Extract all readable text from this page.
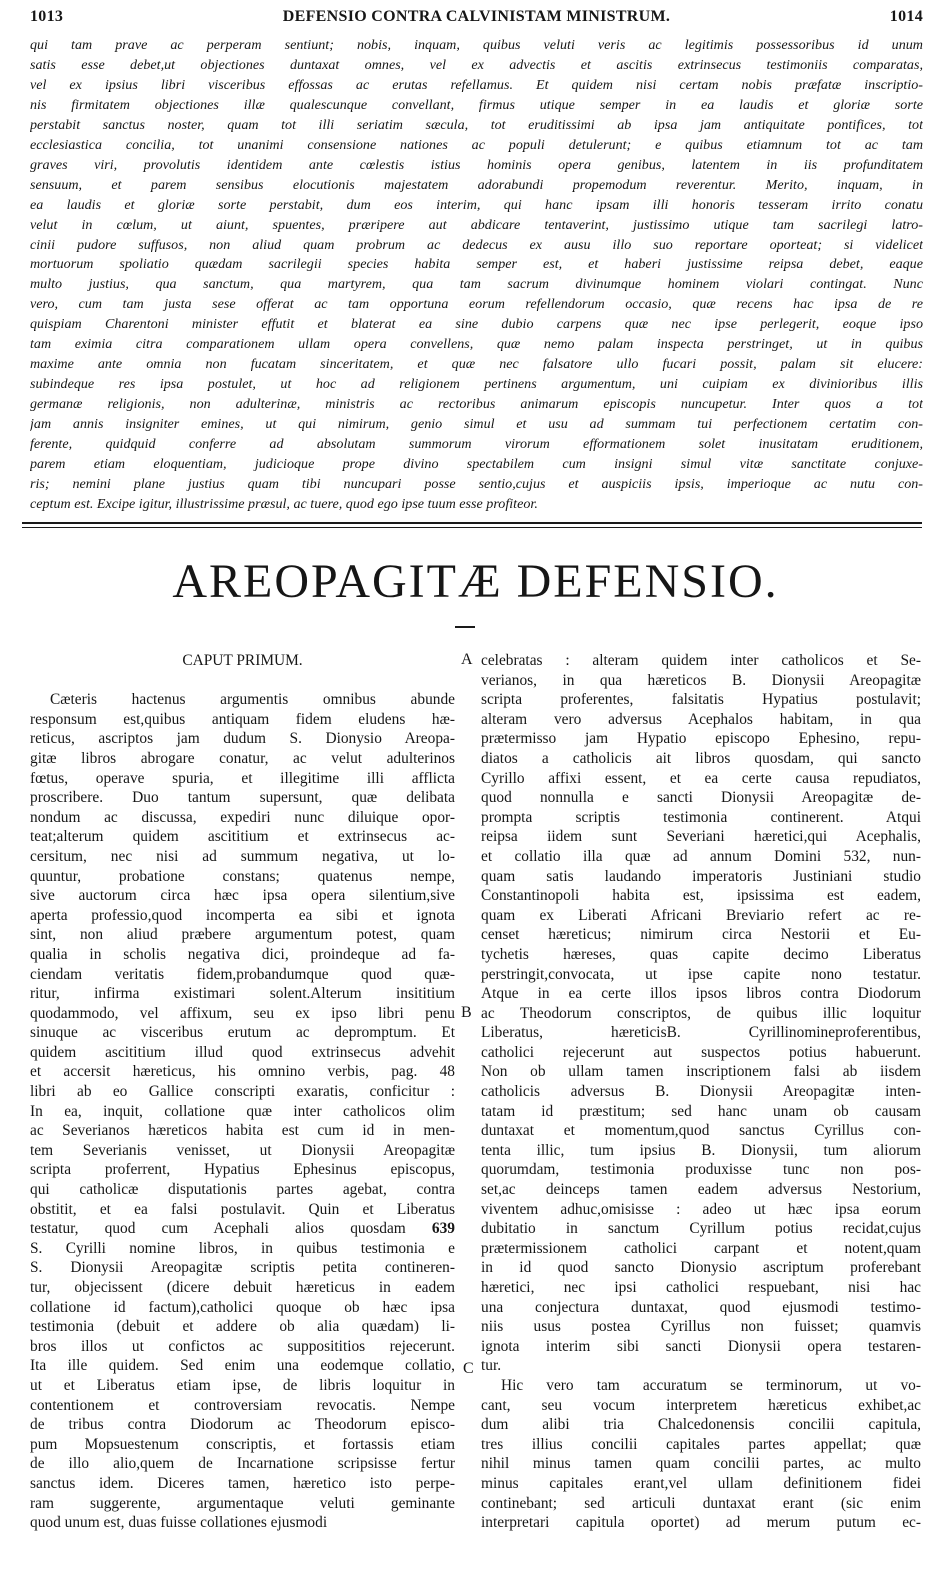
1013	DEFENSIO CONTRA CALVINISTAM MINISTRUM.	1014
qui tam prave ac perperam sentiunt; nobis, inquam, quibus veluti veris ac legitimis possessoribus id unum
satis esse debet,ut objectiones duntaxat omnes, vel ex advectis et ascitis extrinsecus testimoniis comparatas,
vel ex ipsius libri visceribus effossas ac erutas refellamus. Et quidem nisi certam nobis præfatæ inscriptio-
nis firmitatem objectiones illæ qualescunque convellant, firmus utique semper in ea laudis et gloriæ sorte
perstabit sanctus noster, quam tot illi seriatim sæcula, tot eruditissimi ab ipsa jam antiquitate pontifices, tot
ecclesiastica concilia, tot unanimi consensione nationes ac populi detulerunt; e quibus etiamnum tot ac tam
graves viri, provolutis identidem ante cœlestis istius hominis opera genibus, latentem in iis profunditatem
sensuum, et parem sensibus elocutionis majestatem adorabundi propemodum reverentur. Merito, inquam, in
ea laudis et gloriæ sorte perstabit, dum eos interim, qui hanc ipsam illi honoris tesseram irrito conatu
velut in cœlum, ut aiunt, spuentes, præripere aut abdicare tentaverint, justissimo utique tam sacrilegi latro-
cinii pudore suffusos, non aliud quam probrum ac dedecus ex ausu illo suo reportare oporteat; si videlicet
mortuorum spoliatio quædam sacrilegii species habita semper est, et haberi justissime reipsa debet, eaque
multo justius, qua sanctum, qua martyrem, qua tam sacrum divinumque hominem violari contingat. Nunc
vero, cum tam justa sese offerat ac tam opportuna eorum refellendorum occasio, quæ recens hac ipsa de re
quispiam Charentoni minister effutit et blaterat ea sine dubio carpens quæ nec ipse perlegerit, eoque ipso
tam eximia citra comparationem ullam opera convellens, quæ nemo palam inspecta perstringet, ut in quibus
maxime ante omnia non fucatam sinceritatem, et quæ nec falsatore ullo fucari possit, palam sit elucere:
subindeque res ipsa postulet, ut hoc ad religionem pertinens argumentum, uni cuipiam ex divinioribus illis
germanæ religionis, non adulterinæ, ministris ac rectoribus animarum episcopis nuncupetur. Inter quos a tot
jam annis insigniter emines, ut qui nimirum, genio simul et usu ad summam tui perfectionem certatim con-
ferente, quidquid conferre ad absolutam summorum virorum efformationem solet inusitatam eruditionem,
parem etiam eloquentiam, judicioque prope divino spectabilem cum insigni simul vitæ sanctitate conjuxe-
ris; nemini plane justius quam tibi nuncupari posse sentio,cujus et auspiciis ipsis, imperioque ac nutu con-
ceptum est. Excipe igitur, illustrissime præsul, ac tuere, quod ego ipse tuum esse profiteor.
AREOPAGITÆ DEFENSIO.
CAPUT PRIMUM.

Cæteris hactenus argumentis omnibus abunde
responsum est,quibus antiquam fidem eludens hæ-
reticus, ascriptos jam dudum S. Dionysio Areopa-
gitæ libros abrogare conatur, ac velut adulterinos
fœtus, operave spuria, et illegitime illi afflicta
proscribere. Duo tantum supersunt, quæ delibata
nondum ac discussa, expediri nunc diluique opor-
teat;alterum quidem ascititium et extrinsecus ac-
cersitum, nec nisi ad summum negativa, ut lo-
quuntur, probatione constans; quatenus nempe,
sive auctorum circa hæc ipsa opera silentium,sive
aperta professio,quod incomperta ea sibi et ignota
sint, non aliud præbere argumentum potest, quam
qualia in scholis negativa dici, proindeque ad fa-
ciendam veritatis fidem,probandumque quod quæ-
ritur, infirma existimari solent.Alterum insititium
quodammodo, vel affixum, seu ex ipso libri penu
sinuque ac visceribus erutum ac depromptum. Et
quidem ascititium illud quod extrinsecus advehit
et accersit hæreticus, his omnino verbis, pag. 48
libri ab eo Gallice conscripti exaratis, conficitur :
In ea, inquit, collatione quæ inter catholicos olim
ac Severianos hæreticos habita est cum id in men-
tem Severianis venisset, ut Dionysii Areopagitæ
scripta proferrent, Hypatius Ephesinus episcopus,
qui catholicæ disputationis partes agebat, contra
obstitit, et ea falsi postulavit. Quin et Liberatus
testatur, quod cum Acephali alios quosdam 639
S. Cyrilli nomine libros, in quibus testimonia e
S. Dionysii Areopagitæ scriptis petita contineren-
tur, objecissent (dicere debuit hæreticus in eadem
collatione id factum),catholici quoque ob hæc ipsa
testimonia (debuit et addere ob alia quædam) li-
bros illos ut confictos ac supposititios rejecerunt.
Ita ille quidem. Sed enim una eodemque collatio,
ut et Liberatus etiam ipse, de libris loquitur in
contentionem et controversiam revocatis. Nempe
de tribus contra Diodorum ac Theodorum episco-
pum Mopsuestenum conscriptis, et fortassis etiam
de illo alio,quem de Incarnatione scripsisse fertur
sanctus idem. Diceres tamen, hæretico isto perpe-
ram suggerente, argumentaque veluti geminante
quod unum est, duas fuisse collationes ejusmodi
celebratas : alteram quidem inter catholicos et Se-
verianos, in qua hæreticos B. Dionysii Areopagitæ
scripta proferentes, falsitatis Hypatius postulavit;
alteram vero adversus Acephalos habitam, in qua
prætermisso jam Hypatio episcopo Ephesino, repu-
diatos a catholicis ait libros quosdam, qui sancto
Cyrillo affixi essent, et ea certe causa repudiatos,
quod nonnulla e sancti Dionysii Areopagitæ de-
prompta scriptis testimonia continerent. Atqui
reipsa iidem sunt Severiani hæretici,qui Acephalis,
et collatio illa quæ ad annum Domini 532, nun-
quam satis laudando imperatoris Justiniani studio
Constantinopoli habita est, ipsissima est eadem,
quam ex Liberati Africani Breviario refert ac re-
censet hæreticus; nimirum circa Nestorii et Eu-
tychetis hæreses, quas capite decimo Liberatus
perstringit,convocata, ut ipse capite nono testatur.
Atque in ea certe illos ipsos libros contra Diodorum
ac Theodorum conscriptos, de quibus illic loquitur
Liberatus, hæreticisB. Cyrillinomineproferentibus,
catholici rejecerunt aut suspectos potius habuerunt.
Non ob ullam tamen inscriptionem falsi ab iisdem
catholicis adversus B. Dionysii Areopagitæ inten-
tatam id præstitum; sed hanc unam ob causam
duntaxat et momentum,quod sanctus Cyrillus con-
tenta illic, tum ipsius B. Dionysii, tum aliorum
quorumdam, testimonia produxisse tunc non pos-
set,ac deinceps tamen eadem adversus Nestorium,
viventem adhuc,omisisse : adeo ut hæc ipsa eorum
dubitatio in sanctum Cyrillum potius recidat,cujus
prætermissionem catholici carpant et notent,quam
in id quod sancto Dionysio ascriptum proferebant
hæretici, nec ipsi catholici respuebant, nisi hac
una conjectura duntaxat, quod ejusmodi testimo-
niis usus postea Cyrillus non fuisset; quamvis
ignota interim sibi sancti Dionysii opera testaren-
tur.
Hic vero tam accuratum se terminorum, ut vo-
cant, seu vocum interpretem hæreticus exhibet,ac
dum alibi tria Chalcedonensis concilii capitula,
tres illius concilii capitales partes appellat; quæ
nihil minus tamen quam concilii partes, ac multo
minus capitales erant,vel ullam definitionem fidei
continebant; sed articuli duntaxat erant (sic enim
interpretari capitula oportet) ad merum putum ec-
A
B
C
